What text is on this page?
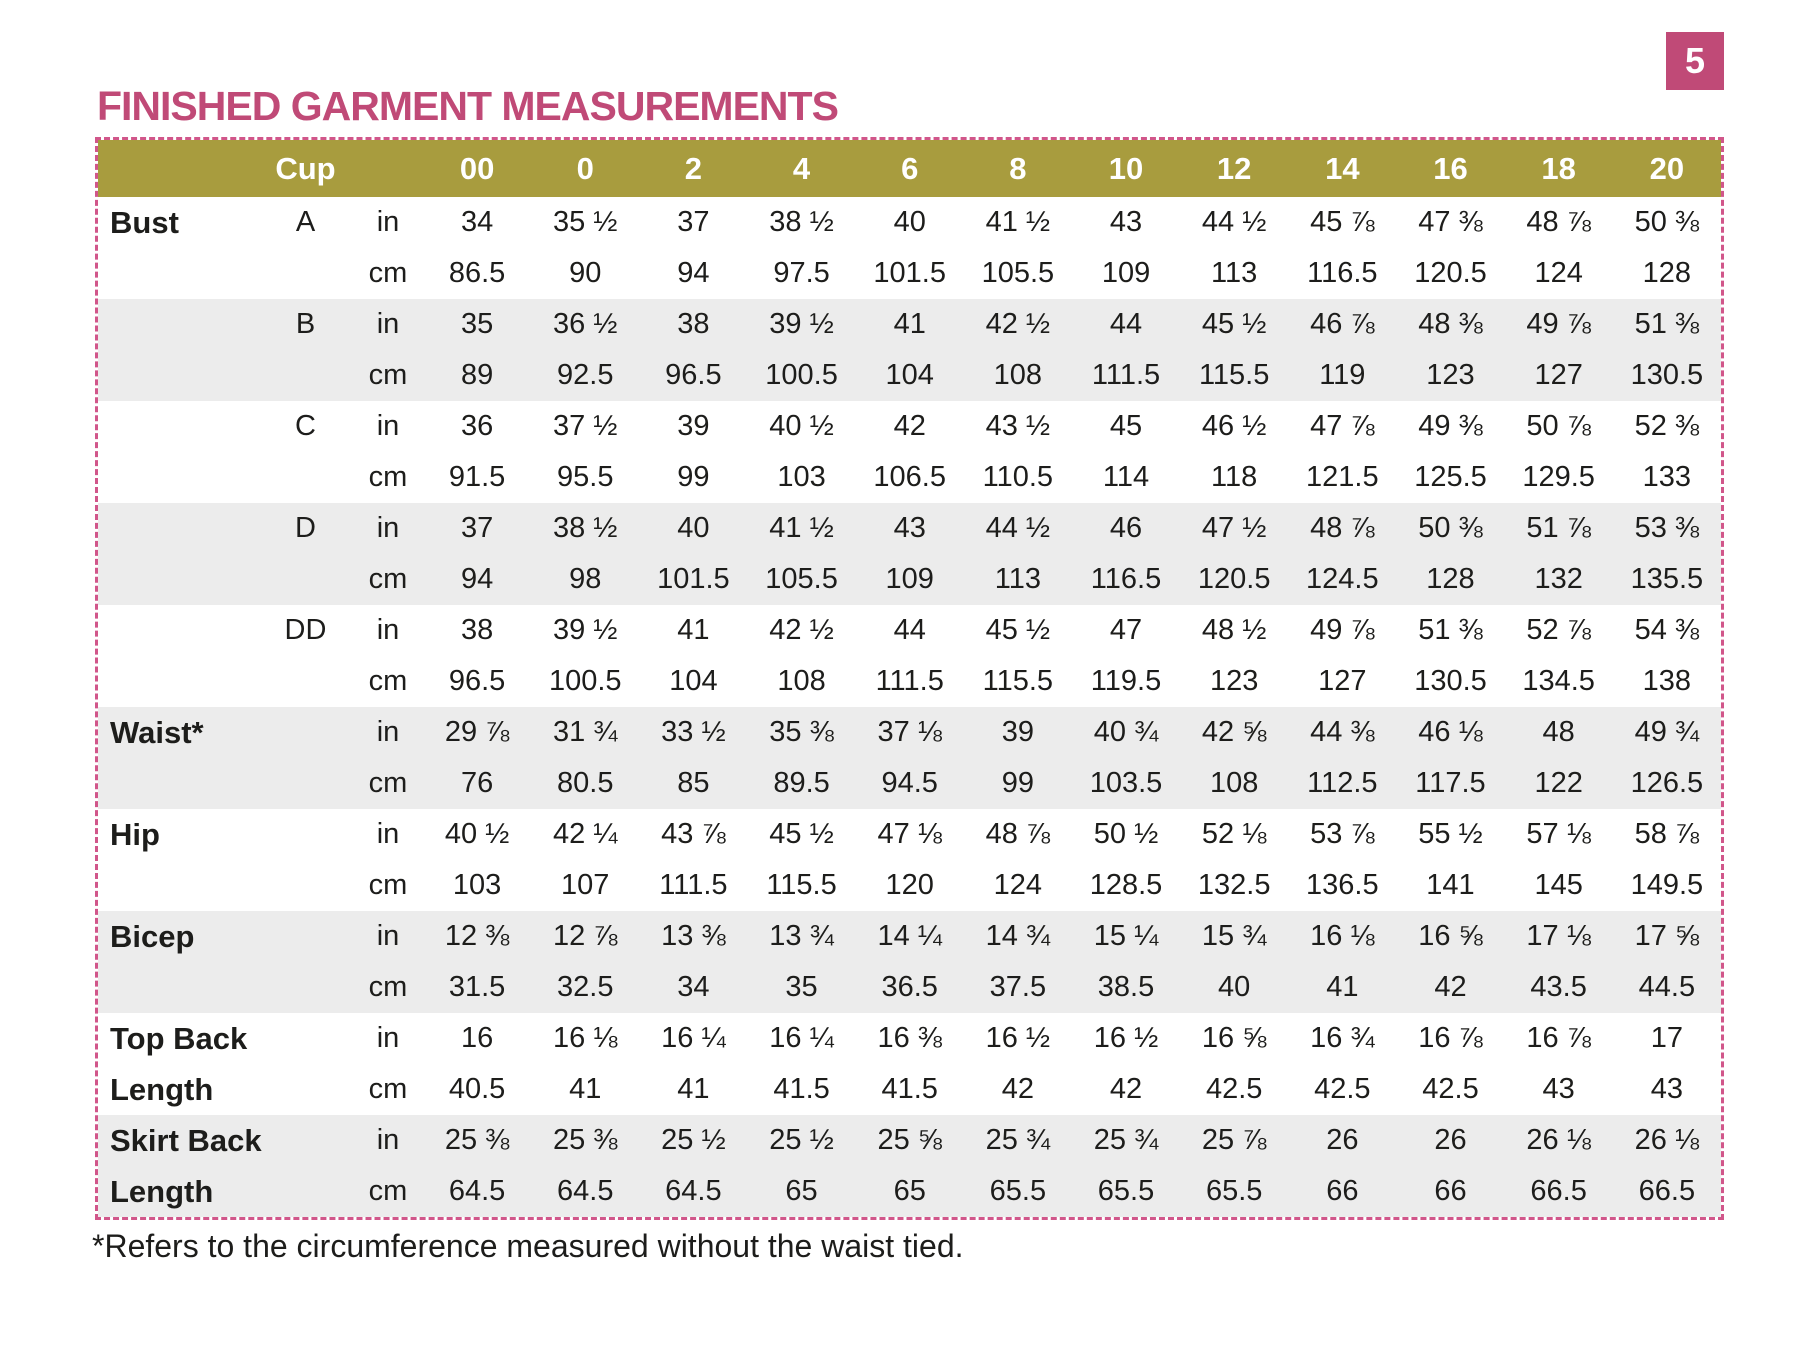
5
FINISHED GARMENT MEASUREMENTS
	Cup		00	0	2	4	6	8	10	12	14	16	18	20
Bust	A	in	34	35 ½	37	38 ½	40	41 ½	43	44 ½	45 ⅞	47 ⅜	48 ⅞	50 ⅜
		cm	86.5	90	94	97.5	101.5	105.5	109	113	116.5	120.5	124	128
	B	in	35	36 ½	38	39 ½	41	42 ½	44	45 ½	46 ⅞	48 ⅜	49 ⅞	51 ⅜
		cm	89	92.5	96.5	100.5	104	108	111.5	115.5	119	123	127	130.5
	C	in	36	37 ½	39	40 ½	42	43 ½	45	46 ½	47 ⅞	49 ⅜	50 ⅞	52 ⅜
		cm	91.5	95.5	99	103	106.5	110.5	114	118	121.5	125.5	129.5	133
	D	in	37	38 ½	40	41 ½	43	44 ½	46	47 ½	48 ⅞	50 ⅜	51 ⅞	53 ⅜
		cm	94	98	101.5	105.5	109	113	116.5	120.5	124.5	128	132	135.5
	DD	in	38	39 ½	41	42 ½	44	45 ½	47	48 ½	49 ⅞	51 ⅜	52 ⅞	54 ⅜
		cm	96.5	100.5	104	108	111.5	115.5	119.5	123	127	130.5	134.5	138
Waist*		in	29 ⅞	31 ¾	33 ½	35 ⅜	37 ⅛	39	40 ¾	42 ⅝	44 ⅜	46 ⅛	48	49 ¾
		cm	76	80.5	85	89.5	94.5	99	103.5	108	112.5	117.5	122	126.5
Hip		in	40 ½	42 ¼	43 ⅞	45 ½	47 ⅛	48 ⅞	50 ½	52 ⅛	53 ⅞	55 ½	57 ⅛	58 ⅞
		cm	103	107	111.5	115.5	120	124	128.5	132.5	136.5	141	145	149.5
Bicep		in	12 ⅜	12 ⅞	13 ⅜	13 ¾	14 ¼	14 ¾	15 ¼	15 ¾	16 ⅛	16 ⅝	17 ⅛	17 ⅝
		cm	31.5	32.5	34	35	36.5	37.5	38.5	40	41	42	43.5	44.5
Top Back		in	16	16 ⅛	16 ¼	16 ¼	16 ⅜	16 ½	16 ½	16 ⅝	16 ¾	16 ⅞	16 ⅞	17
Length		cm	40.5	41	41	41.5	41.5	42	42	42.5	42.5	42.5	43	43
Skirt Back		in	25 ⅜	25 ⅜	25 ½	25 ½	25 ⅝	25 ¾	25 ¾	25 ⅞	26	26	26 ⅛	26 ⅛
Length		cm	64.5	64.5	64.5	65	65	65.5	65.5	65.5	66	66	66.5	66.5

*Refers to the circumference measured without the waist tied.
